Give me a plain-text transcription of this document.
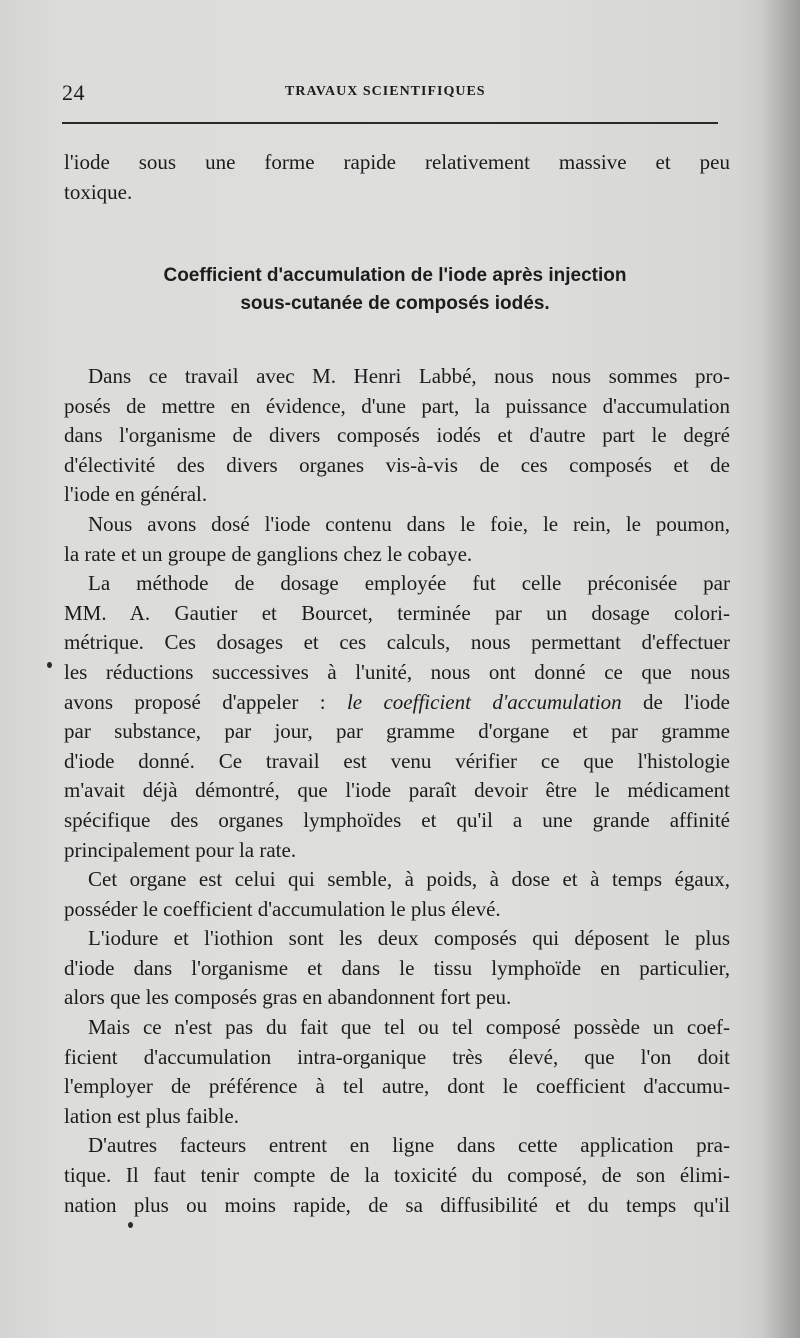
24	TRAVAUX SCIENTIFIQUES
l'iode sous une forme rapide relativement massive et peu
toxique.
Coefficient d'accumulation de l'iode après injection
sous-cutanée de composés iodés.
Dans ce travail avec M. Henri Labbé, nous nous sommes pro-
posés de mettre en évidence, d'une part, la puissance d'accumulation
dans l'organisme de divers composés iodés et d'autre part le degré
d'électivité des divers organes vis-à-vis de ces composés et de
l'iode en général.
Nous avons dosé l'iode contenu dans le foie, le rein, le poumon,
la rate et un groupe de ganglions chez le cobaye.
La méthode de dosage employée fut celle préconisée par
MM. A. Gautier et Bourcet, terminée par un dosage colori-
métrique. Ces dosages et ces calculs, nous permettant d'effectuer
les réductions successives à l'unité, nous ont donné ce que nous
avons proposé d'appeler : le coefficient d'accumulation de l'iode
par substance, par jour, par gramme d'organe et par gramme
d'iode donné. Ce travail est venu vérifier ce que l'histologie
m'avait déjà démontré, que l'iode paraît devoir être le médicament
spécifique des organes lymphoïdes et qu'il a une grande affinité
principalement pour la rate.
Cet organe est celui qui semble, à poids, à dose et à temps égaux,
posséder le coefficient d'accumulation le plus élevé.
L'iodure et l'iothion sont les deux composés qui déposent le plus
d'iode dans l'organisme et dans le tissu lymphoïde en particulier,
alors que les composés gras en abandonnent fort peu.
Mais ce n'est pas du fait que tel ou tel composé possède un coef-
ficient d'accumulation intra-organique très élevé, que l'on doit
l'employer de préférence à tel autre, dont le coefficient d'accumu-
lation est plus faible.
D'autres facteurs entrent en ligne dans cette application pra-
tique. Il faut tenir compte de la toxicité du composé, de son élimi-
nation plus ou moins rapide, de sa diffusibilité et du temps qu'il
